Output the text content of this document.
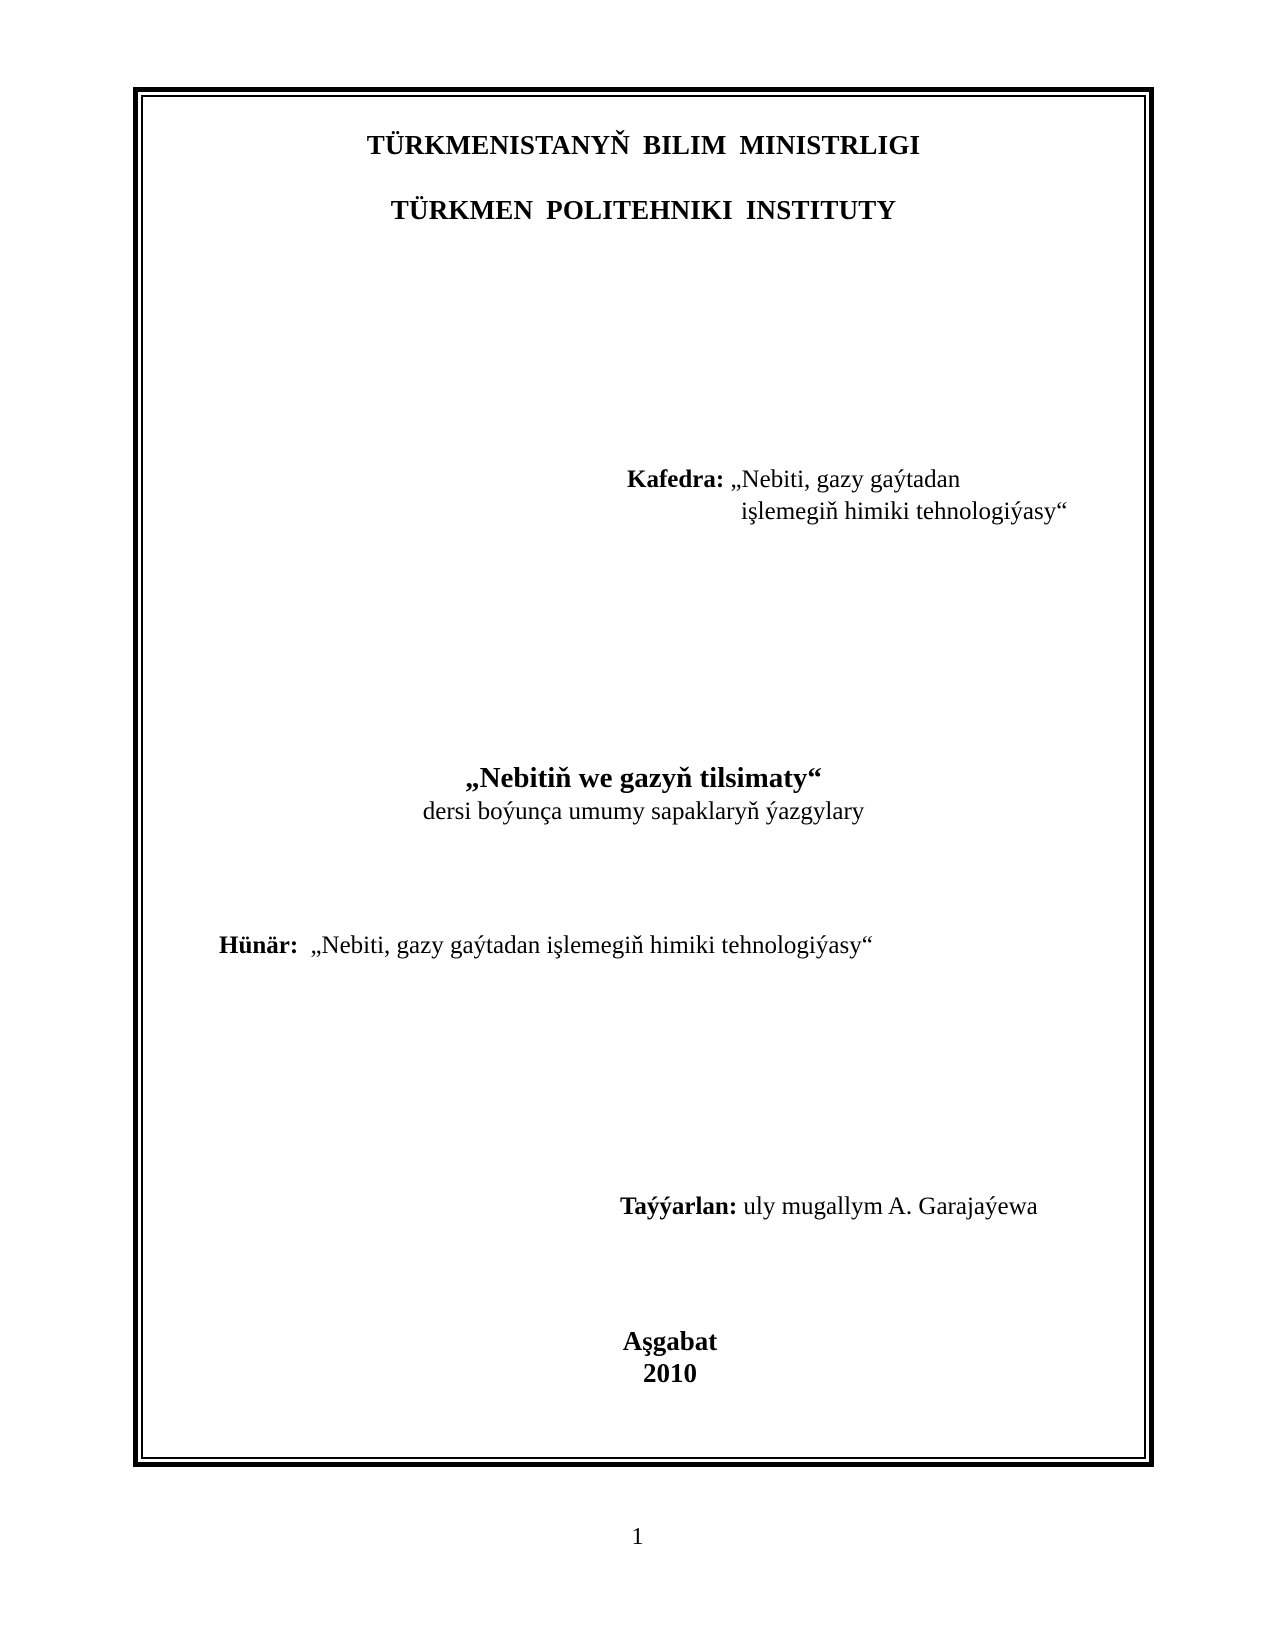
TÜRKMENISTANYŇ BILIM MINISTRLIGI
TÜRKMEN POLITEHNIKI INSTITUTY
Kafedra: „Nebiti, gazy gaýtadan
işlemegiň himiki tehnologiýasy“
„Nebitiň we gazyň tilsimaty“
dersi boýunça umumy sapaklaryň ýazgylary
Hünär: „Nebiti, gazy gaýtadan işlemegiň himiki tehnologiýasy“
Taýýarlan: uly mugallym A. Garajaýewa
Aşgabat
2010
1
